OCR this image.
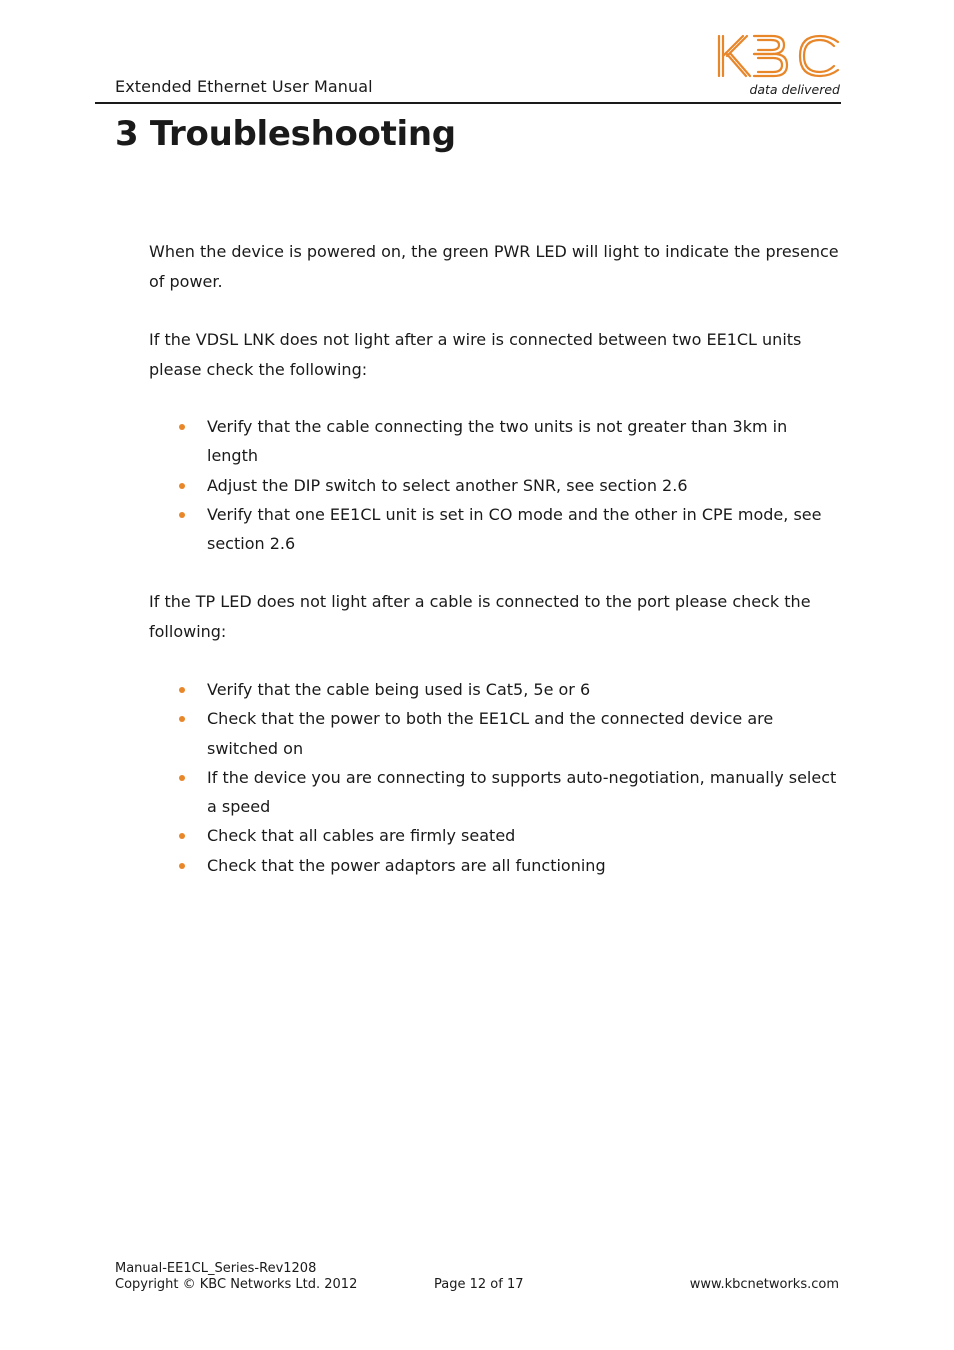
Extended Ethernet User Manual	data delivered
3 Troubleshooting

When the device is powered on, the green PWR LED will light to indicate the presence of power.

If the VDSL LNK does not light after a wire is connected between two EE1CL units please check the following:

Verify that the cable connecting the two units is not greater than 3km in length
Adjust the DIP switch to select another SNR, see section 2.6
Verify that one EE1CL unit is set in CO mode and the other in CPE mode, see section 2.6

If the TP LED does not light after a cable is connected to the port please check the following:

Verify that the cable being used is Cat5, 5e or 6
Check that the power to both the EE1CL and the connected device are switched on
If the device you are connecting to supports auto-negotiation, manually select a speed
Check that all cables are firmly seated
Check that the power adaptors are all functioning
Manual-EE1CL_Series-Rev1208
Copyright © KBC Networks Ltd. 2012	Page 12 of 17	www.kbcnetworks.com
